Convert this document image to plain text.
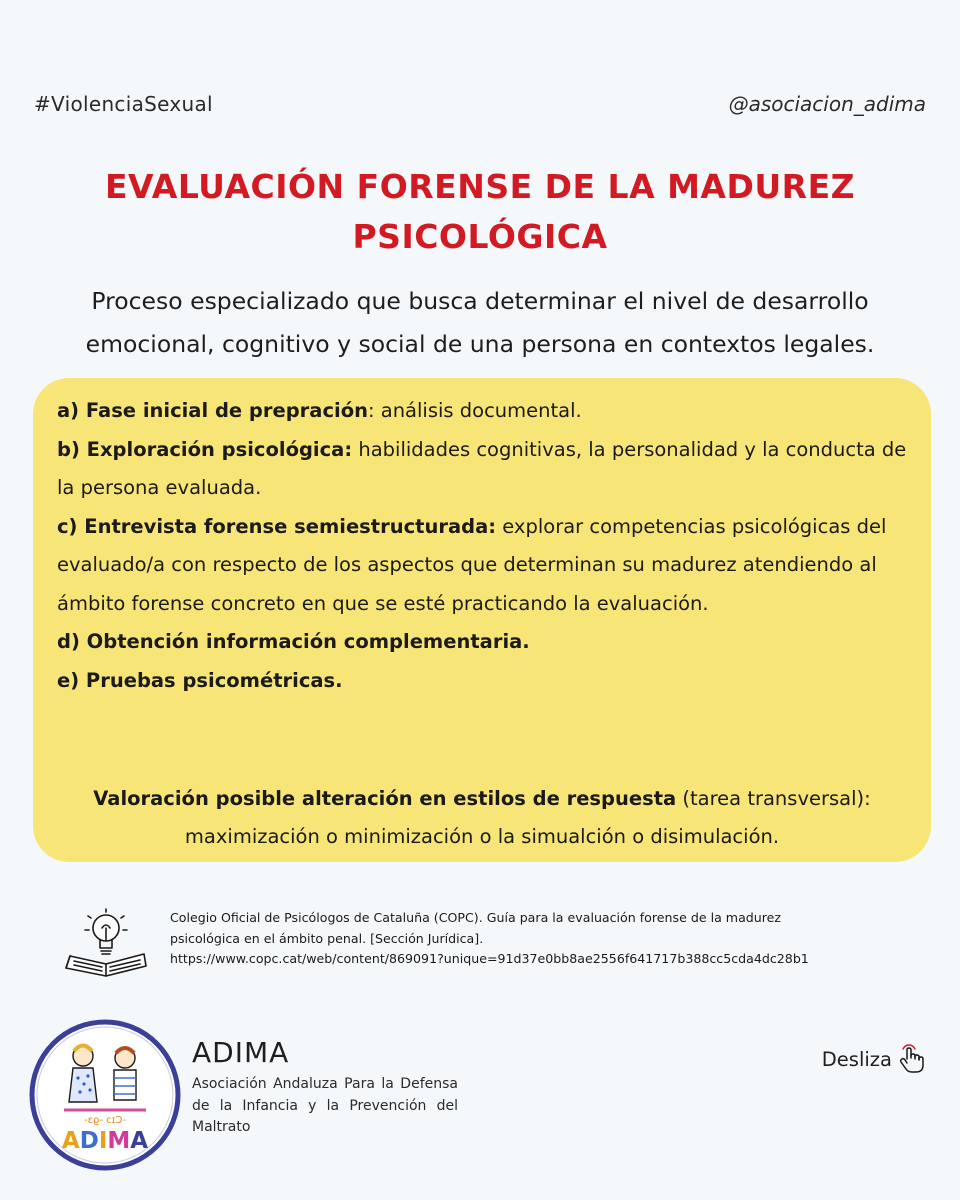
#ViolenciaSexual	@asociacion_adima
EVALUACIÓN FORENSE DE LA MADUREZ
PSICOLÓGICA
Proceso especializado que busca determinar el nivel de desarrollo emocional, cognitivo y social de una persona en contextos legales.

a) Fase inicial de prepración: análisis documental.

b) Exploración psicológica: habilidades cognitivas, la personalidad y la conducta de la persona evaluada.

c) Entrevista forense semiestructurada: explorar competencias psicológicas del evaluado/a con respecto de los aspectos que determinan su madurez atendiendo al ámbito forense concreto en que se esté practicando la evaluación.

d) Obtención información complementaria.

e) Pruebas psicométricas.

Valoración posible alteración en estilos de respuesta (tarea transversal): maximización o minimización o la simualción o disimulación.
Colegio Oficial de Psicólogos de Cataluña (COPC). Guía para la evaluación forense de la madurez
psicológica en el ámbito penal. [Sección Jurídica].
https://www.copc.cat/web/content/869091?unique=91d37e0bb8ae2556f641717b388cc5cda4dc28b1
-ԑϱ- ϲɪϽ-
ADIMA
ADIMA
Asociación Andaluza Para la Defensa de la Infancia y la Prevención del Maltrato
Desliza
